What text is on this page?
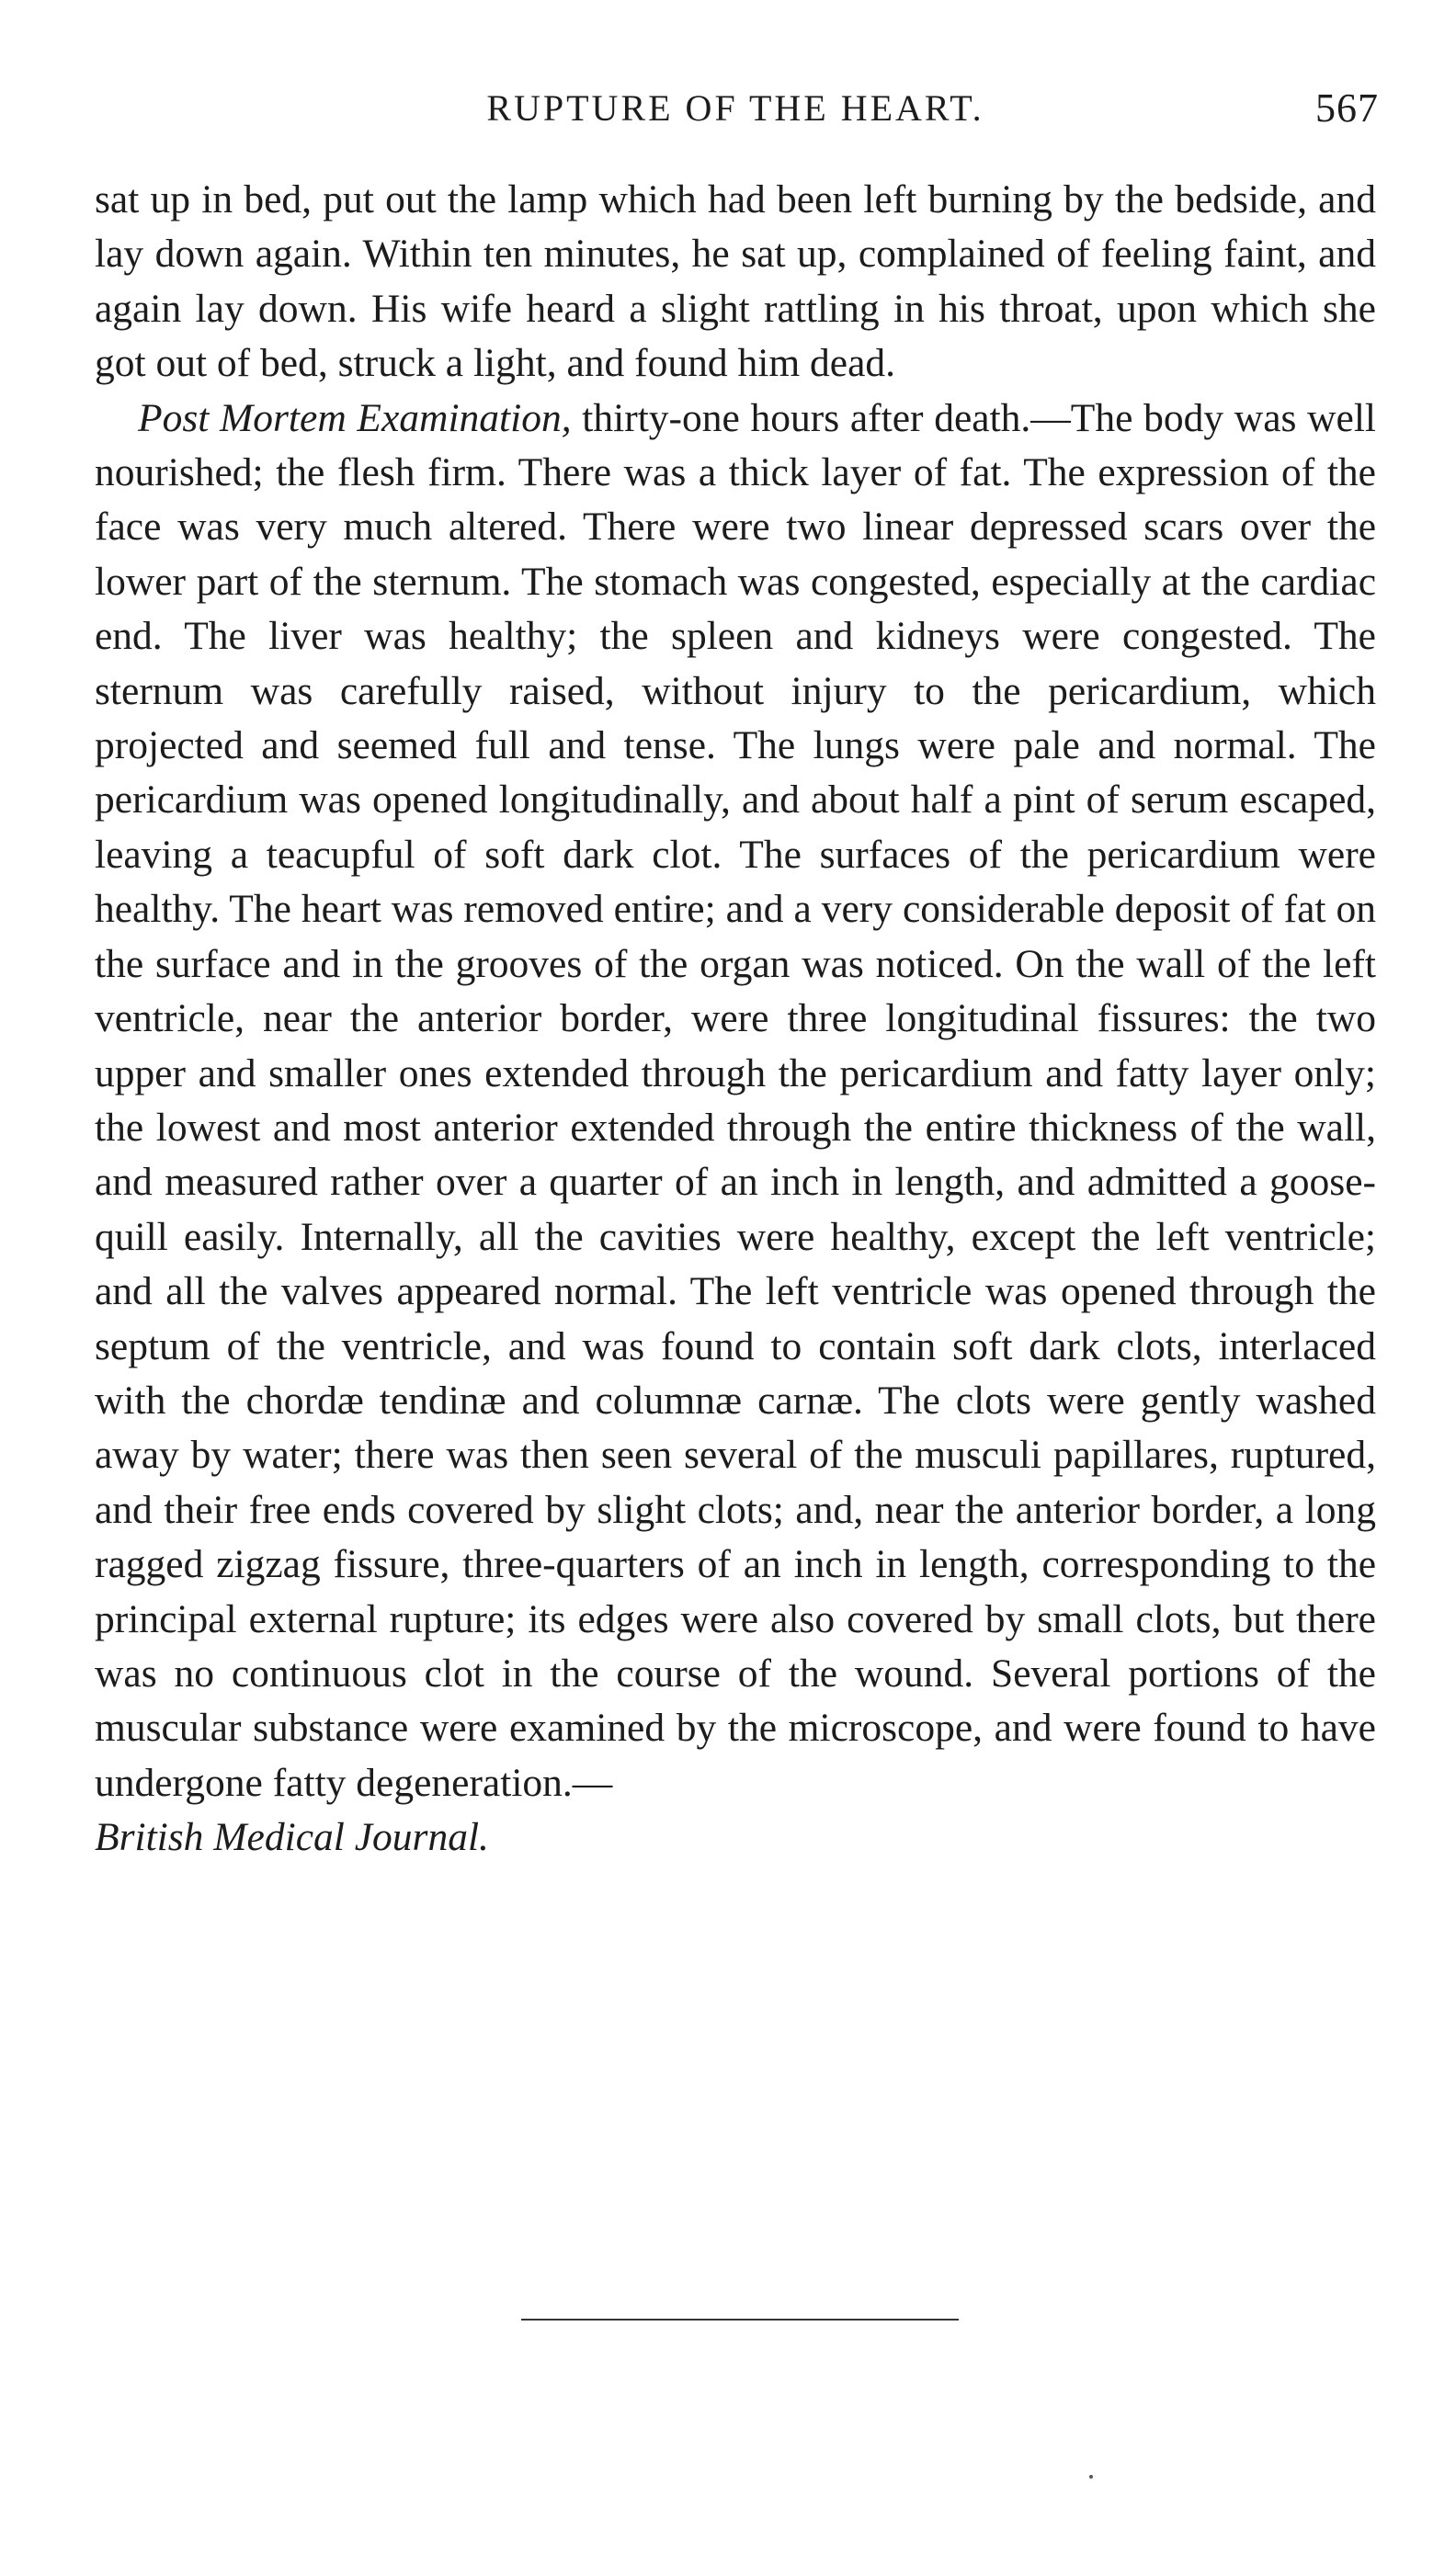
RUPTURE OF THE HEART.	567

sat up in bed, put out the lamp which had been left burning by the bedside, and lay down again. Within ten minutes, he sat up, complained of feeling faint, and again lay down. His wife heard a slight rattling in his throat, upon which she got out of bed, struck a light, and found him dead.

Post Mortem Examination, thirty-one hours after death.—The body was well nourished; the flesh firm. There was a thick layer of fat. The expression of the face was very much altered. There were two linear depressed scars over the lower part of the sternum. The stomach was congested, especially at the cardiac end. The liver was healthy; the spleen and kidneys were congested. The sternum was carefully raised, without injury to the pericardium, which projected and seemed full and tense. The lungs were pale and normal. The pericardium was opened longitudinally, and about half a pint of serum escaped, leaving a teacupful of soft dark clot. The surfaces of the pericardium were healthy. The heart was removed entire; and a very considerable deposit of fat on the surface and in the grooves of the organ was noticed. On the wall of the left ventricle, near the anterior border, were three longitudinal fissures: the two upper and smaller ones extended through the pericardium and fatty layer only; the lowest and most anterior extended through the entire thickness of the wall, and measured rather over a quarter of an inch in length, and admitted a goose-quill easily. Internally, all the cavities were healthy, except the left ventricle; and all the valves appeared normal. The left ventricle was opened through the septum of the ventricle, and was found to contain soft dark clots, interlaced with the chordæ tendinæ and columnæ carnæ. The clots were gently washed away by water; there was then seen several of the musculi papillares, ruptured, and their free ends covered by slight clots; and, near the anterior border, a long ragged zigzag fissure, three-quarters of an inch in length, corresponding to the principal external rupture; its edges were also covered by small clots, but there was no continuous clot in the course of the wound. Several portions of the muscular substance were examined by the microscope, and were found to have undergone fatty degeneration.—
British Medical Journal.
